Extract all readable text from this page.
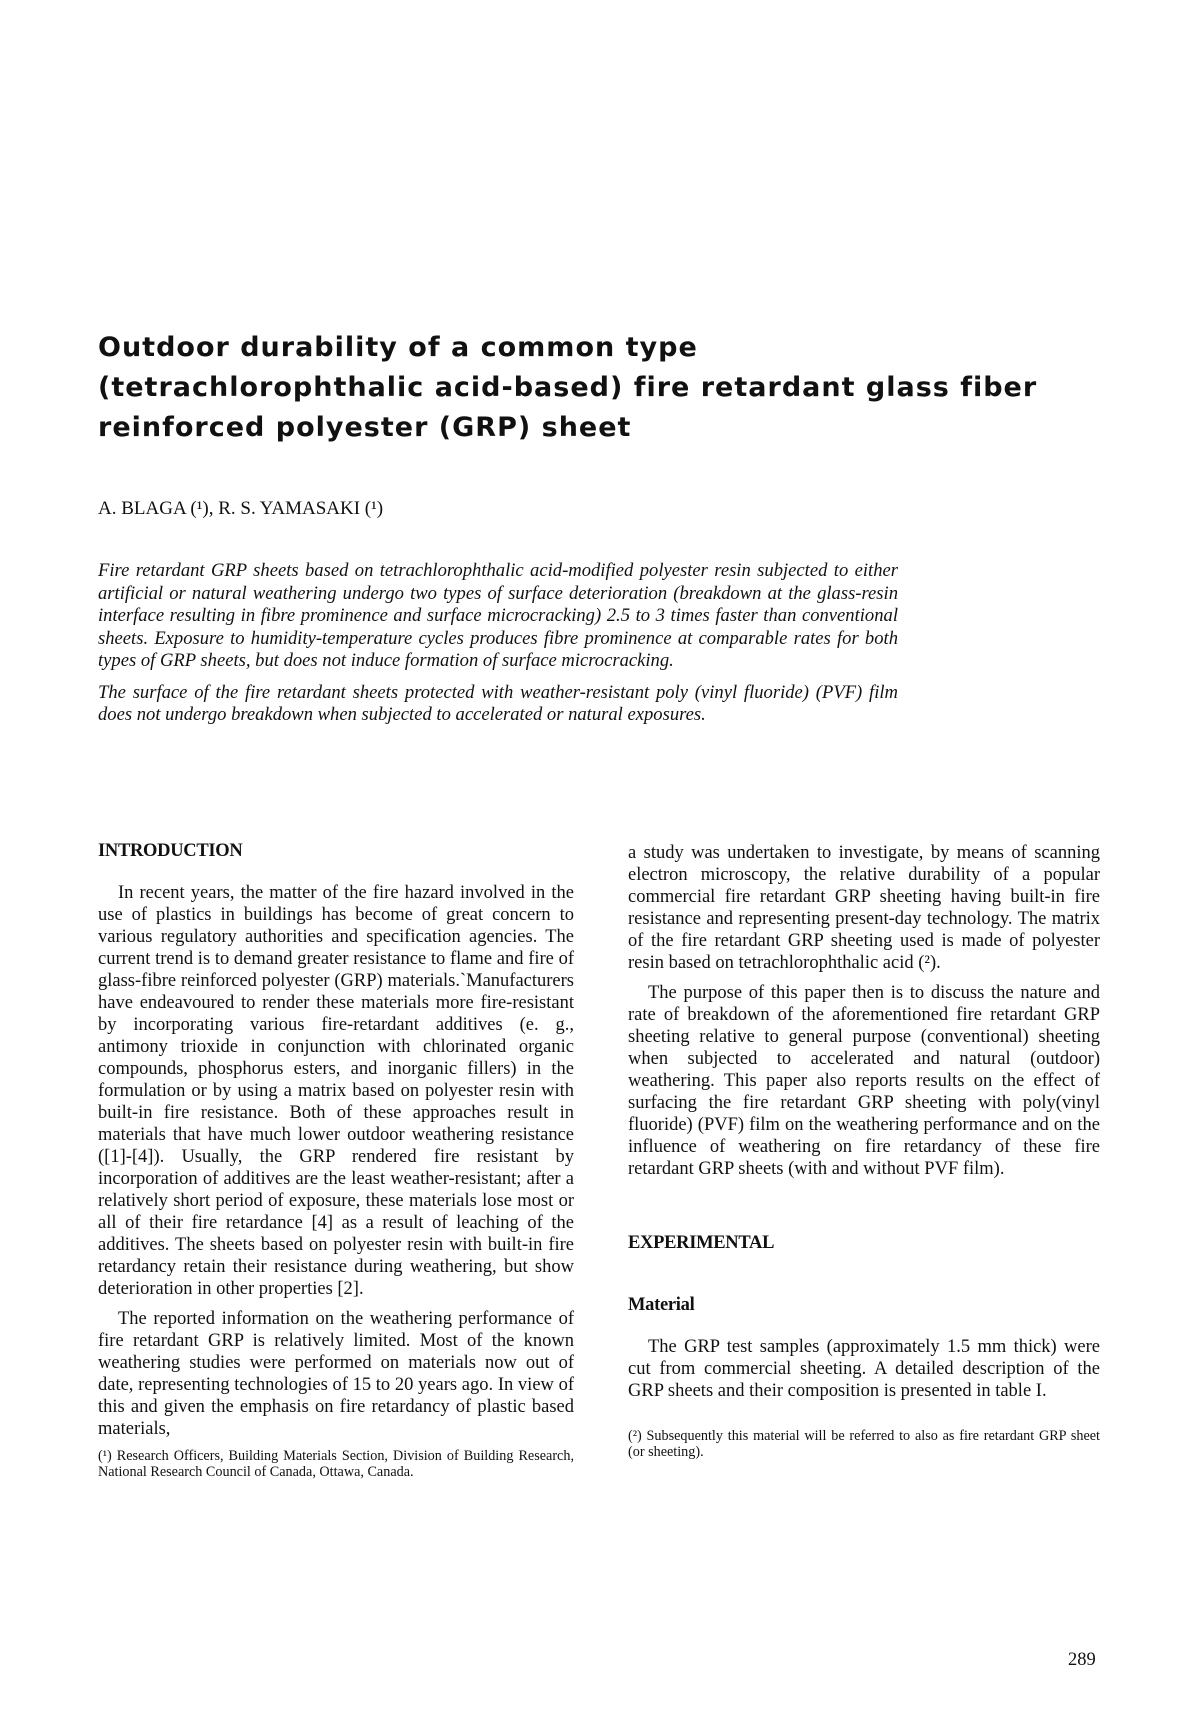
Outdoor durability of a common type
(tetrachlorophthalic acid-based) fire retardant glass fiber
reinforced polyester (GRP) sheet

A. BLAGA (¹), R. S. YAMASAKI (¹)

Fire retardant GRP sheets based on tetrachlorophthalic acid-modified polyester resin subjected to either artificial or natural weathering undergo two types of surface deterioration (breakdown at the glass-resin interface resulting in fibre prominence and surface microcracking) 2.5 to 3 times faster than conventional sheets. Exposure to humidity-temperature cycles produces fibre prominence at comparable rates for both types of GRP sheets, but does not induce formation of surface microcracking.

The surface of the fire retardant sheets protected with weather-resistant poly (vinyl fluoride) (PVF) film does not undergo breakdown when subjected to accelerated or natural exposures.

INTRODUCTION

In recent years, the matter of the fire hazard involved in the use of plastics in buildings has become of great concern to various regulatory authorities and specification agencies. The current trend is to demand greater resistance to flame and fire of glass-fibre reinforced polyester (GRP) materials.`Manufacturers have endeavoured to render these materials more fire-resistant by incorporating various fire-retardant additives (e. g., antimony trioxide in conjunction with chlorinated organic compounds, phosphorus esters, and inorganic fillers) in the formulation or by using a matrix based on polyester resin with built-in fire resistance. Both of these approaches result in materials that have much lower outdoor weathering resistance ([1]-[4]). Usually, the GRP rendered fire resistant by incorporation of additives are the least weather-resistant; after a relatively short period of exposure, these materials lose most or all of their fire retardance [4] as a result of leaching of the additives. The sheets based on polyester resin with built-in fire retardancy retain their resistance during weathering, but show deterioration in other properties [2].

The reported information on the weathering performance of fire retardant GRP is relatively limited. Most of the known weathering studies were performed on materials now out of date, representing technologies of 15 to 20 years ago. In view of this and given the emphasis on fire retardancy of plastic based materials,

(¹) Research Officers, Building Materials Section, Division of Building Research, National Research Council of Canada, Ottawa, Canada.

a study was undertaken to investigate, by means of scanning electron microscopy, the relative durability of a popular commercial fire retardant GRP sheeting having built-in fire resistance and representing present-day technology. The matrix of the fire retardant GRP sheeting used is made of polyester resin based on tetrachlorophthalic acid (²).

The purpose of this paper then is to discuss the nature and rate of breakdown of the aforementioned fire retardant GRP sheeting relative to general purpose (conventional) sheeting when subjected to accelerated and natural (outdoor) weathering. This paper also reports results on the effect of surfacing the fire retardant GRP sheeting with poly(vinyl fluoride) (PVF) film on the weathering performance and on the influence of weathering on fire retardancy of these fire retardant GRP sheets (with and without PVF film).

EXPERIMENTAL
Material

The GRP test samples (approximately 1.5 mm thick) were cut from commercial sheeting. A detailed description of the GRP sheets and their composition is presented in table I.

(²) Subsequently this material will be referred to also as fire retardant GRP sheet (or sheeting).

289
